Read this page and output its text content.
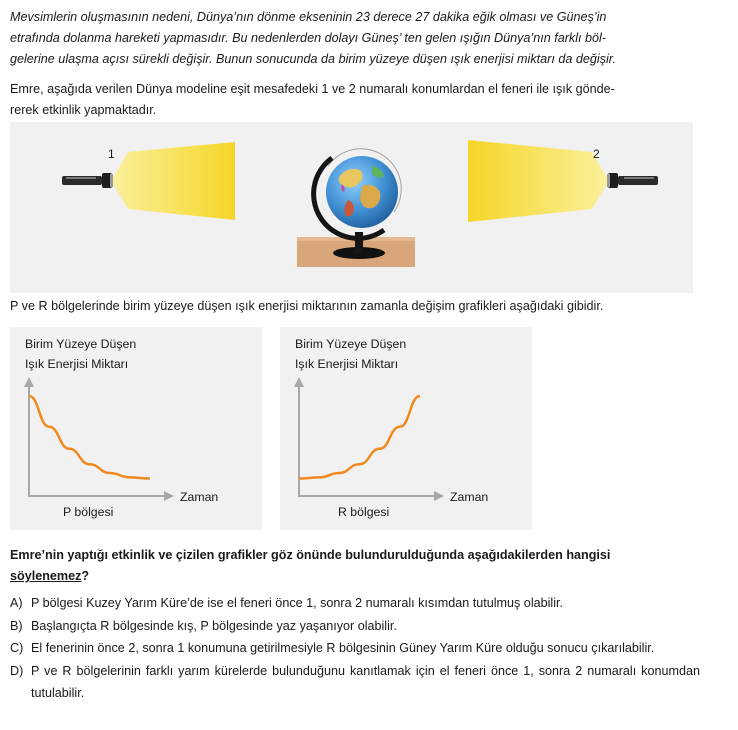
Mevsimlerin oluşmasının nedeni, Dünya’nın dönme ekseninin 23 derece 27 dakika eğik olması ve Güneş’in

etrafında dolanma hareketi yapmasıdır. Bu nedenlerden dolayı Güneş’ ten gelen ışığın Dünya’nın farklı böl-

gelerine ulaşma açısı sürekli değişir. Bunun sonucunda da birim yüzeye düşen ışık enerjisi miktarı da değişir.

Emre, aşağıda verilen Dünya modeline eşit mesafedeki 1 ve 2 numaralı konumlardan el feneri ile ışık gönde-

rerek etkinlik yapmaktadır.

1	2
P ve R bölgelerinde birim yüzeye düşen ışık enerjisi miktarının zamanla değişim grafikleri aşağıdaki gibidir.
Birim Yüzeye Düşen
Işık Enerjisi Miktarı
Zaman
P bölgesi
Birim Yüzeye Düşen
Işık Enerjisi Miktarı
Zaman
R bölgesi

Emre’nin yaptığı etkinlik ve çizilen grafikler göz önünde bulundurulduğunda aşağıdakilerden hangisi

söylenemez?

A) P bölgesi Kuzey Yarım Küre’de ise el feneri önce 1, sonra 2 numaralı kısımdan tutulmuş olabilir.
B) Başlangıçta R bölgesinde kış, P bölgesinde yaz yaşanıyor olabilir.
C) El fenerinin önce 2, sonra 1 konumuna getirilmesiyle R bölgesinin Güney Yarım Küre olduğu sonucu çıkarılabilir.
D) P ve R bölgelerinin farklı yarım kürelerde bulunduğunu kanıtlamak için el feneri önce 1, sonra 2 numaralı konumdan tutulabilir.
